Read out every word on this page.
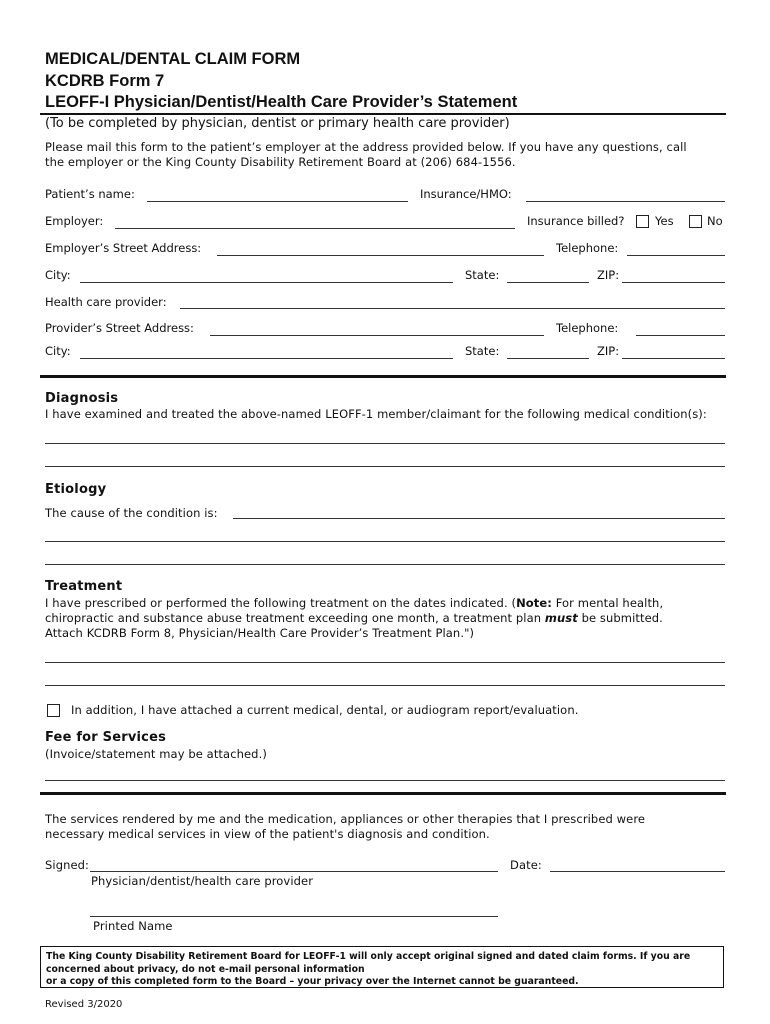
MEDICAL/DENTAL CLAIM FORM
KCDRB Form 7
LEOFF-I Physician/Dentist/Health Care Provider’s Statement
(To be completed by physician, dentist or primary health care provider)
Please mail this form to the patient’s employer at the address provided below. If you have any questions, call
the employer or the King County Disability Retirement Board at (206) 684-1556.
Patient’s name:	Insurance/HMO:
Employer:	Insurance billed?	Yes	No
Employer’s Street Address:	Telephone:
City:	State:	ZIP:
Health care provider:
Provider’s Street Address:	Telephone:
City:	State:	ZIP:
Diagnosis
I have examined and treated the above-named LEOFF-1 member/claimant for the following medical condition(s):
Etiology
The cause of the condition is:
Treatment
I have prescribed or performed the following treatment on the dates indicated. (Note: For mental health,
chiropractic and substance abuse treatment exceeding one month, a treatment plan must be submitted.
Attach KCDRB Form 8, Physician/Health Care Provider’s Treatment Plan.")
In addition, I have attached a current medical, dental, or audiogram report/evaluation.
Fee for Services
(Invoice/statement may be attached.)
The services rendered by me and the medication, appliances or other therapies that I prescribed were
necessary medical services in view of the patient's diagnosis and condition.
Signed:	Date:
Physician/dentist/health care provider
Printed Name
The King County Disability Retirement Board for LEOFF-1 will only accept original signed and dated claim forms. If you are
concerned about privacy, do not e-mail personal information
or a copy of this completed form to the Board – your privacy over the Internet cannot be guaranteed.
Revised 3/2020
